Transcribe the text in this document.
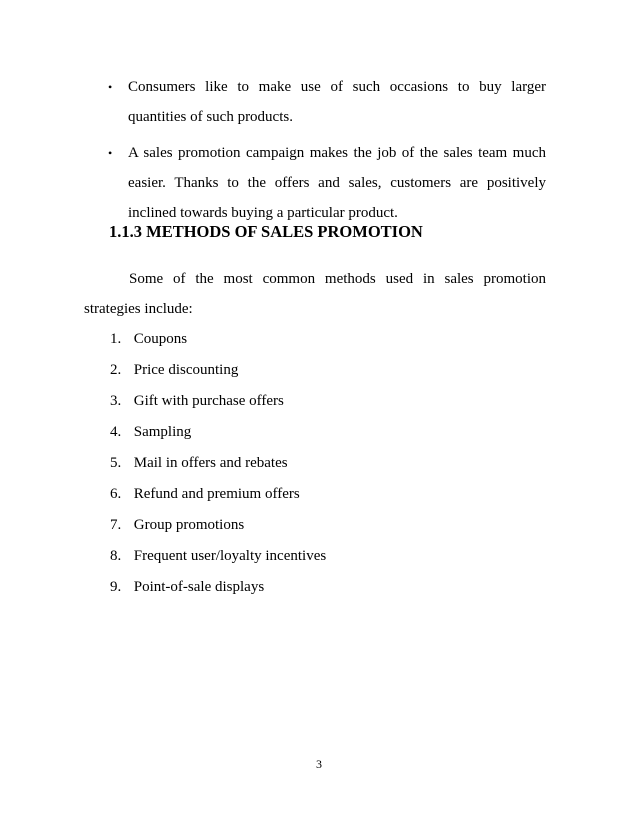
• Consumers like to make use of such occasions to buy larger quantities of such products.
• A sales promotion campaign makes the job of the sales team much easier. Thanks to the offers and sales, customers are positively inclined towards buying a particular product.
1.1.3 METHODS OF SALES PROMOTION

Some of the most common methods used in sales promotion strategies include:

1. Coupons
2. Price discounting
3. Gift with purchase offers
4. Sampling
5. Mail in offers and rebates
6. Refund and premium offers
7. Group promotions
8. Frequent user/loyalty incentives
9. Point-of-sale displays
3
